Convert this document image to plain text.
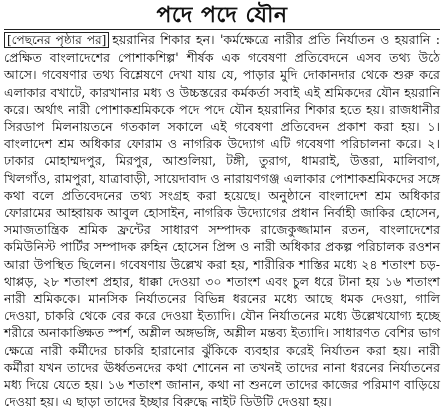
পদে পদে যৌন
[পেছনের পৃষ্ঠার পর] হয়রানির শিকার হন। 'কর্মক্ষেত্রে নারীর প্রতি নির্যাতন ও হয়রানি : প্রেক্ষিত বাংলাদেশের পোশাকশিল্প' শীর্ষক এক গবেষণা প্রতিবেদনে এসব তথ্য উঠে আসে। গবেষণার তথ্য বিশ্লেষণে দেখা যায় যে, পাড়ার মুদি দোকানদার থেকে শুরু করে এলাকার বখাটে, কারখানার মধ্য ও উচ্চস্তরের কর্মকর্তা সবাই এই শ্রমিকদের যৌন হয়রানি করে। অর্থাৎ নারী পোশাকশ্রমিককে পদে পদে যৌন হয়রানির শিকার হতে হয়। রাজধানীর সিরডাপ মিলনায়তনে গতকাল সকালে এই গবেষণা প্রতিবেদন প্রকাশ করা হয়। ১। বাংলাদেশ শ্রম অধিকার ফোরাম ও নাগরিক উদ্যোগ এটি গবেষণা পরিচালনা করে। ২। ঢাকার মোহাম্মদপুর, মিরপুর, আশুলিয়া, টঙ্গী, তুরাগ, ধামরাই, উত্তরা, মালিবাগ, খিলগাঁও, রামপুরা, যাত্রাবাড়ী, সায়েদাবাদ ও নারায়ণগঞ্জ এলাকার পোশাকশ্রমিকদের সঙ্গে কথা বলে প্রতিবেদনের তথ্য সংগ্রহ করা হয়েছে। অনুষ্ঠানে বাংলাদেশ শ্রম অধিকার ফোরামের আহ্বায়ক আবুল হোসাইন, নাগরিক উদ্যোগের প্রধান নির্বাহী জাকির হোসেন, সমাজতান্ত্রিক শ্রমিক ফ্রন্টের সাধারণ সম্পাদক রাজেকুজ্জামান রতন, বাংলাদেশের কমিউনিস্ট পার্টির সম্পাদক রুহিন হোসেন প্রিন্স ও নারী অধিকার প্রকল্প পরিচালক রওশন আরা উপস্থিত ছিলেন। গবেষণায় উল্লেখ করা হয়, শারীরিক শাস্তির মধ্যে ২৪ শতাংশ চড়-থাপ্পড়, ২৮ শতাংশ প্রহার, ধাক্কা দেওয়া ৩০ শতাংশ এবং চুল ধরে টানা হয় ১৬ শতাংশ নারী শ্রমিককে। মানসিক নির্যাতনের বিভিন্ন ধরনের মধ্যে আছে ধমক দেওয়া, গালি দেওয়া, চাকরি থেকে বের করে দেওয়া ইত্যাদি। যৌন নির্যাতনের মধ্যে উল্লেখযোগ্য হচ্ছে শরীরে অনাকাঙ্ক্ষিত স্পর্শ, অশ্লীল অঙ্গভঙ্গি, অশ্লীল মন্তব্য ইত্যাদি। সাধারণত বেশির ভাগ ক্ষেত্রে নারী কর্মীদের চাকরি হারানোর ঝুঁকিকে ব্যবহার করেই নির্যাতন করা হয়। নারী কর্মীরা যখন তাদের ঊর্ধ্বতনদের কথা শোনেন না তখনই তাদের নানা ধরনের নির্যাতনের মধ্য দিয়ে যেতে হয়। ১৬ শতাংশ জানান, কথা না শুনলে তাদের কাজের পরিমাণ বাড়িয়ে দেওয়া হয়। এ ছাড়া তাদের ইচ্ছার বিরুদ্ধে নাইট ডিউটি দেওয়া হয়।
